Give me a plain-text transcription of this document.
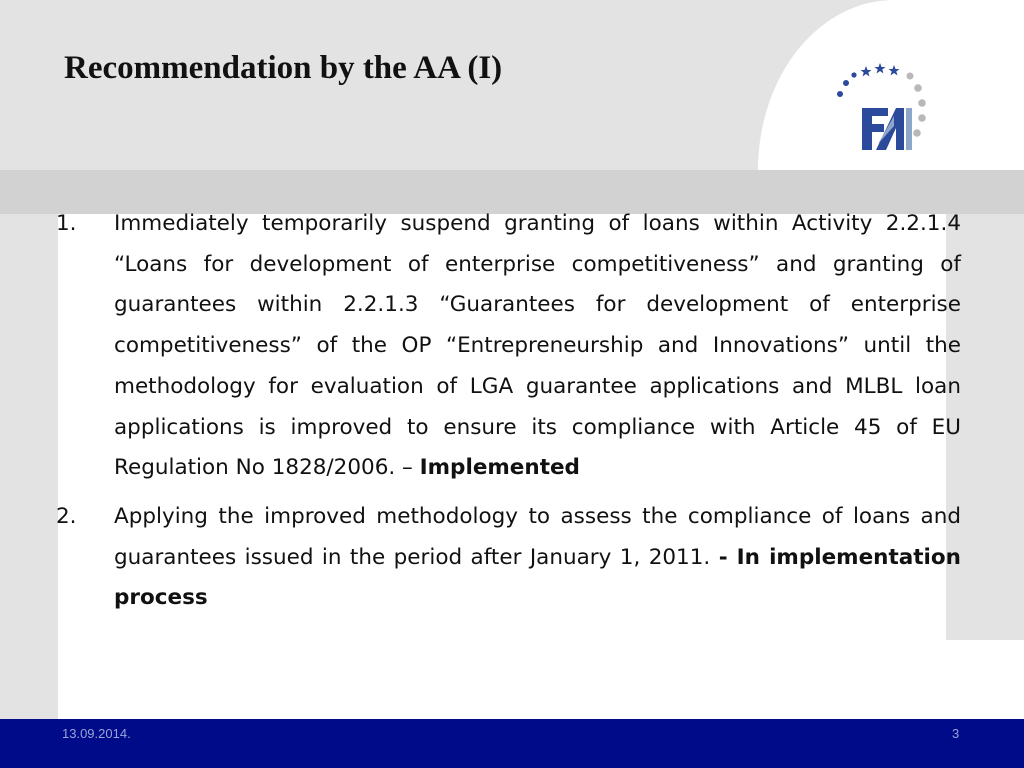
Recommendation by the AA (I)
1.	Immediately temporarily suspend granting of loans within Activity 2.2.1.4 “Loans for development of enterprise competitiveness” and granting of guarantees within 2.2.1.3 “Guarantees for development of enterprise competitiveness” of the OP “Entrepreneurship and Innovations” until the methodology for evaluation of LGA guarantee applications and MLBL loan applications is improved to ensure its compliance with Article 45 of EU Regulation No 1828/2006. – Implemented
2.	Applying the improved methodology to assess the compliance of loans and guarantees issued in the period after January 1, 2011. - In implementation process
13.09.2014.	3
